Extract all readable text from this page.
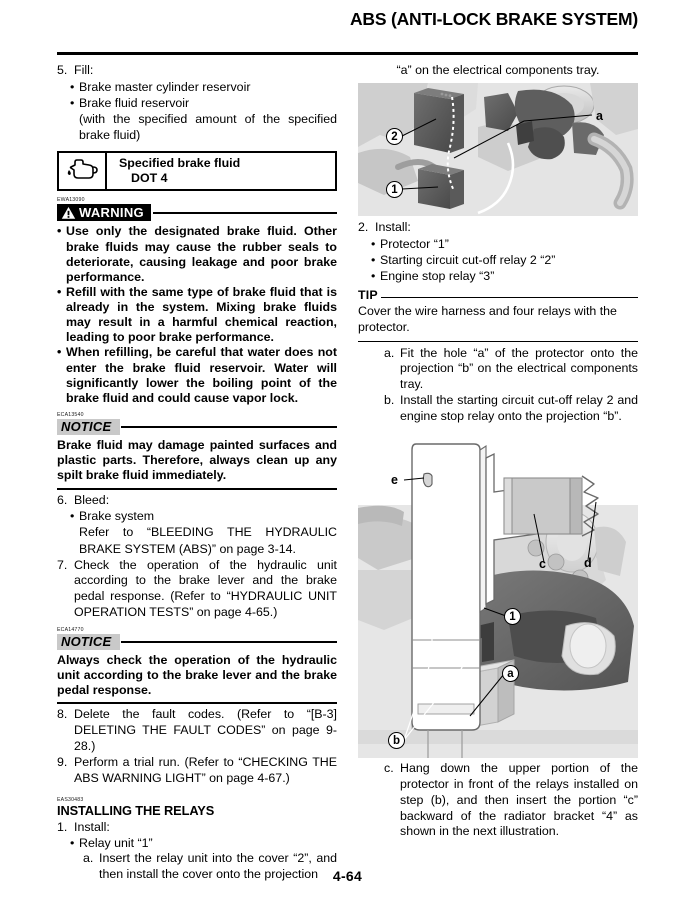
ABS (ANTI-LOCK BRAKE SYSTEM)
5. Fill:
• Brake master cylinder reservoir
• Brake fluid reservoir
(with the specified amount of the specified brake fluid)
Specified brake fluid
DOT 4
EWA13090
WARNING
• Use only the designated brake fluid. Other brake fluids may cause the rubber seals to deteriorate, causing leakage and poor brake performance.
• Refill with the same type of brake fluid that is already in the system. Mixing brake fluids may result in a harmful chemical reaction, leading to poor brake performance.
• When refilling, be careful that water does not enter the brake fluid reservoir. Water will significantly lower the boiling point of the brake fluid and could cause vapor lock.
ECA13540
NOTICE
Brake fluid may damage painted surfaces and plastic parts. Therefore, always clean up any spilt brake fluid immediately.
6. Bleed:
• Brake system
Refer to “BLEEDING THE HYDRAULIC BRAKE SYSTEM (ABS)” on page 3-14.
7. Check the operation of the hydraulic unit according to the brake lever and the brake pedal response. (Refer to “HYDRAULIC UNIT OPERATION TESTS” on page 4-65.)
ECA14770
NOTICE
Always check the operation of the hydraulic unit according to the brake lever and the brake pedal response.
8. Delete the fault codes. (Refer to “[B-3] DELETING THE FAULT CODES” on page 9-28.)
9. Perform a trial run. (Refer to “CHECKING THE ABS WARNING LIGHT” on page 4-67.)
EAS30483
INSTALLING THE RELAYS
1. Install:
• Relay unit “1”
a. Insert the relay unit into the cover “2”, and then install the cover onto the projection
“a” on the electrical components tray.
2
1
a
2. Install:
• Protector “1”
• Starting circuit cut-off relay 2 “2”
• Engine stop relay “3”
TIP
Cover the wire harness and four relays with the protector.
a. Fit the hole “a” of the protector onto the projection “b” on the electrical components tray.
b. Install the starting circuit cut-off relay 2 and engine stop relay onto the projection “b”.
e
c	d
1
a
b
c. Hang down the upper portion of the protector in front of the relays installed on step (b), and then insert the portion “c” backward of the radiator bracket “4” as shown in the next illustration.
4-64
